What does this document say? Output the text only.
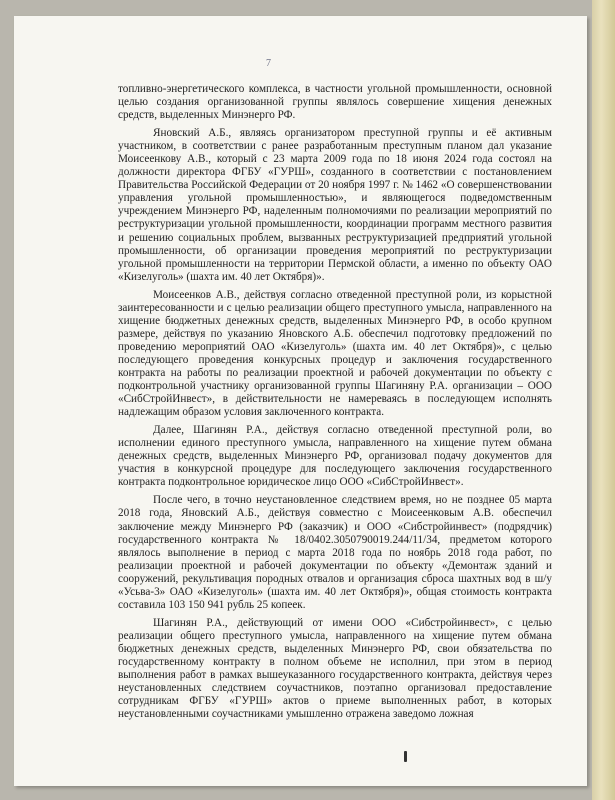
7

топливно-энергетического комплекса, в частности угольной промышленности, основной целью создания организованной группы являлось совершение хищения денежных средств, выделенных Минэнерго РФ.

Яновский А.Б., являясь организатором преступной группы и её активным участником, в соответствии с ранее разработанным преступным планом дал указание Моисеенкову А.В., который с 23 марта 2009 года по 18 июня 2024 года состоял на должности директора ФГБУ «ГУРШ», созданного в соответствии с постановлением Правительства Российской Федерации от 20 ноября 1997 г. № 1462 «О совершенствовании управления угольной промышленностью», и являющегося подведомственным учреждением Минэнерго РФ, наделенным полномочиями по реализации мероприятий по реструктуризации угольной промышленности, координации программ местного развития и решению социальных проблем, вызванных реструктуризацией предприятий угольной промышленности, об организации проведения мероприятий по реструктуризации угольной промышленности на территории Пермской области, а именно по объекту ОАО «Кизелуголь» (шахта им. 40 лет Октября)».

Моисеенков А.В., действуя согласно отведенной преступной роли, из корыстной заинтересованности и с целью реализации общего преступного умысла, направленного на хищение бюджетных денежных средств, выделенных Минэнерго РФ, в особо крупном размере, действуя по указанию Яновского А.Б. обеспечил подготовку предложений по проведению мероприятий ОАО «Кизелуголь» (шахта им. 40 лет Октября)», с целью последующего проведения конкурсных процедур и заключения государственного контракта на работы по реализации проектной и рабочей документации по объекту с подконтрольной участнику организованной группы Шагиняну Р.А. организации – ООО «СибСтройИнвест», в действительности не намереваясь в последующем исполнять надлежащим образом условия заключенного контракта.

Далее, Шагинян Р.А., действуя согласно отведенной преступной роли, во исполнении единого преступного умысла, направленного на хищение путем обмана денежных средств, выделенных Минэнерго РФ, организовал подачу документов для участия в конкурсной процедуре для последующего заключения государственного контракта подконтрольное юридическое лицо ООО «СибСтройИнвест».

После чего, в точно неустановленное следствием время, но не позднее 05 марта 2018 года, Яновский А.Б., действуя совместно с Моисеенковым А.В. обеспечил заключение между Минэнерго РФ (заказчик) и ООО «Сибстройинвест» (подрядчик) государственного контракта № 18/0402.3050790019.244/11/34, предметом которого являлось выполнение в период с марта 2018 года по ноябрь 2018 года работ, по реализации проектной и рабочей документации по объекту «Демонтаж зданий и сооружений, рекультивация породных отвалов и организация сброса шахтных вод в ш/у «Усьва-3» ОАО «Кизелуголь» (шахта им. 40 лет Октября)», общая стоимость контракта составила 103 150 941 рубль 25 копеек.

Шагинян Р.А., действующий от имени ООО «Сибстройинвест», с целью реализации общего преступного умысла, направленного на хищение путем обмана бюджетных денежных средств, выделенных Минэнерго РФ, свои обязательства по государственному контракту в полном объеме не исполнил, при этом в период выполнения работ в рамках вышеуказанного государственного контракта, действуя через неустановленных следствием соучастников, поэтапно организовал предоставление сотрудникам ФГБУ «ГУРШ» актов о приеме выполненных работ, в которых неустановленными соучастниками умышленно отражена заведомо ложная
